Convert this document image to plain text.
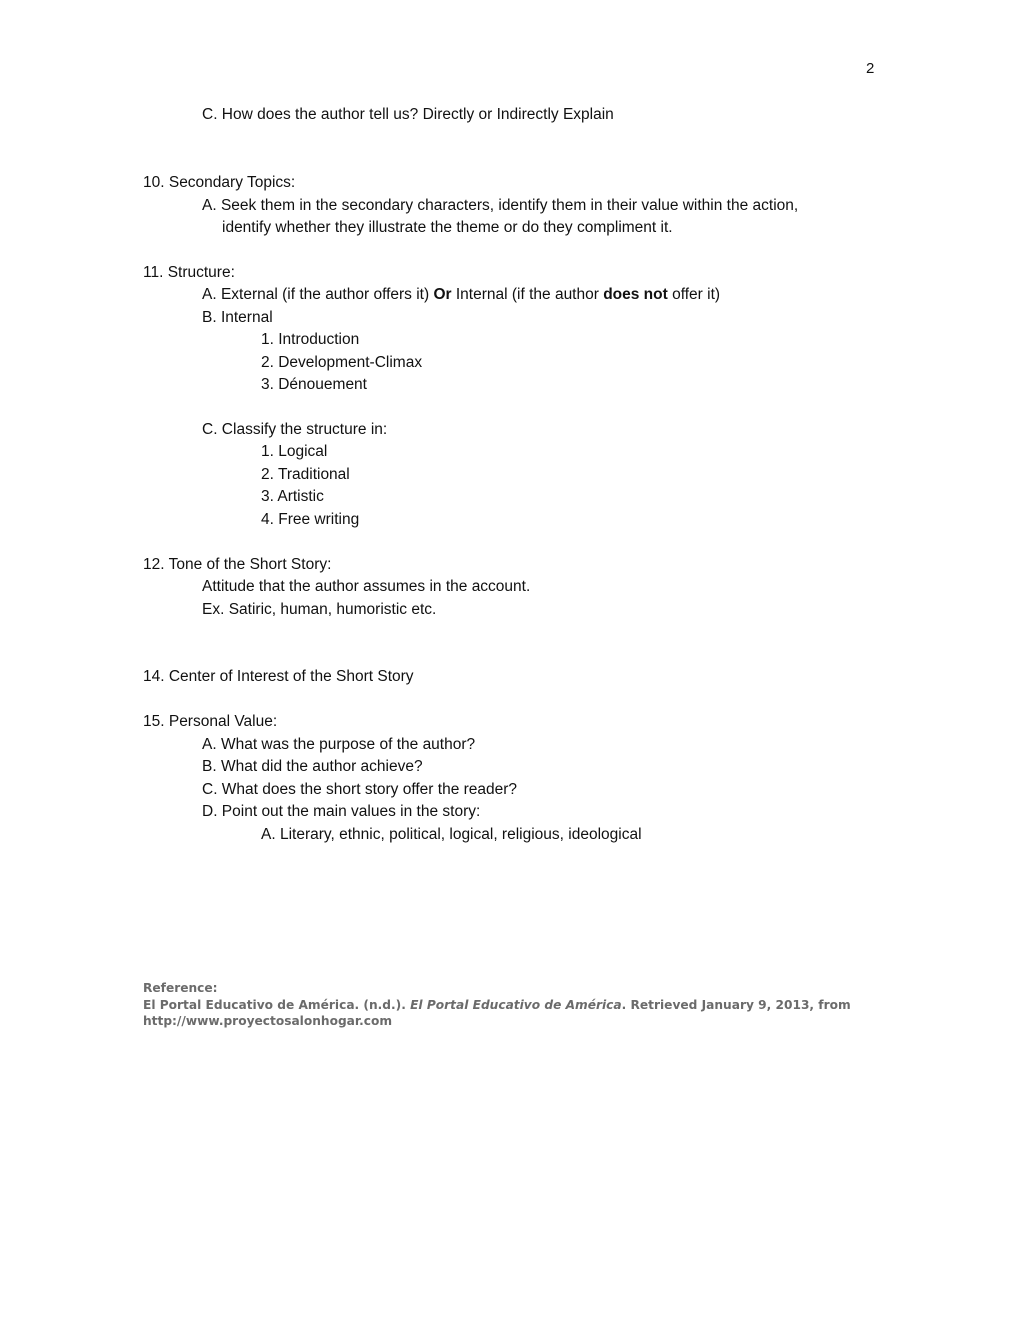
2
C. How does the author tell us? Directly or Indirectly Explain
10. Secondary Topics:
A. Seek them in the secondary characters, identify them in their value within the action,
identify whether they illustrate the theme or do they compliment it.
11. Structure:
A. External (if the author offers it) Or Internal (if the author does not offer it)
B. Internal
1. Introduction
2. Development-Climax
3. Dénouement
C. Classify the structure in:
1. Logical
2. Traditional
3. Artistic
4. Free writing
12. Tone of the Short Story:
Attitude that the author assumes in the account.
Ex. Satiric, human, humoristic etc.
14. Center of Interest of the Short Story
15. Personal Value:
A. What was the purpose of the author?
B. What did the author achieve?
C. What does the short story offer the reader?
D. Point out the main values in the story:
A. Literary, ethnic, political, logical, religious, ideological
Reference:
El Portal Educativo de América. (n.d.). El Portal Educativo de América. Retrieved January 9, 2013, from
http://www.proyectosalonhogar.com
